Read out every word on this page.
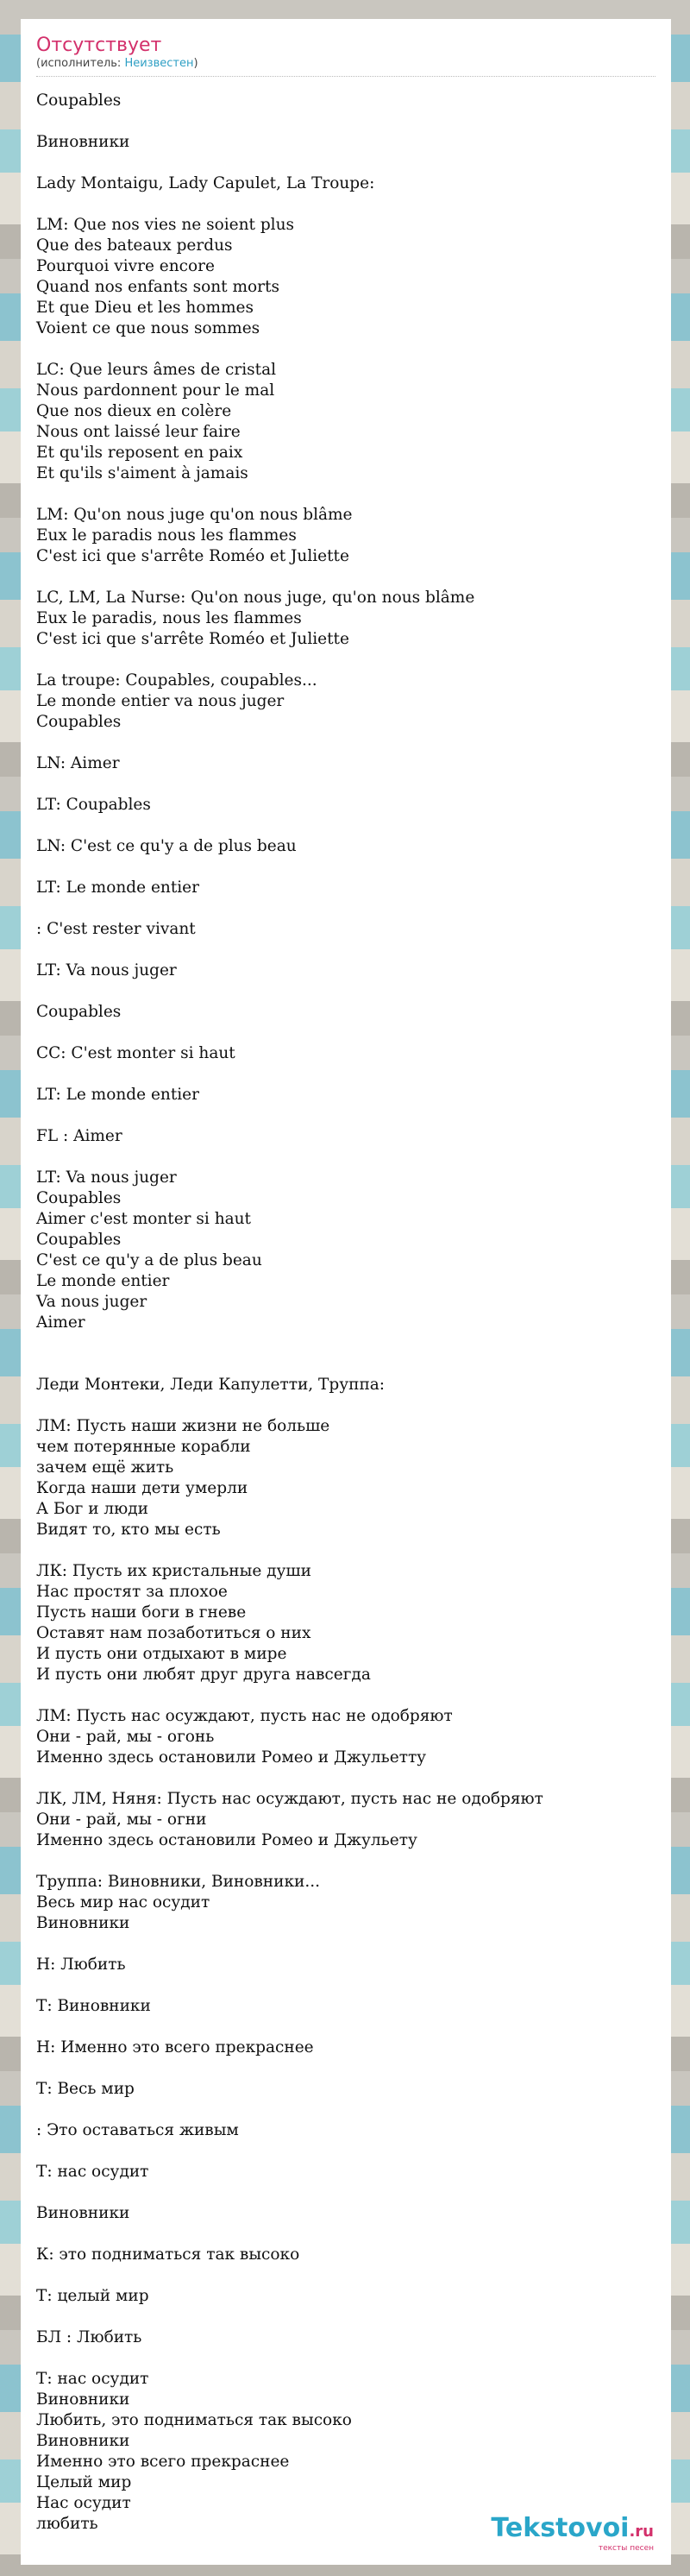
Отсутствует
(исполнитель: Неизвестен)
Coupables
Виновники
Lady Montaigu, Lady Capulet, La Troupe:
LM: Que nos vies ne soient plus
Que des bateaux perdus
Pourquoi vivre encore
Quand nos enfants sont morts
Et que Dieu et les hommes
Voient ce que nous sommes
LC: Que leurs âmes de cristal
Nous pardonnent pour le mal
Que nos dieux en colère
Nous ont laissé leur faire
Et qu'ils reposent en paix
Et qu'ils s'aiment à jamais
LM: Qu'on nous juge qu'on nous blâme
Eux le paradis nous les flammes
C'est ici que s'arrête Roméo et Juliette
LC, LM, La Nurse: Qu'on nous juge, qu'on nous blâme
Eux le paradis, nous les flammes
C'est ici que s'arrête Roméo et Juliette
La troupe: Coupables, coupables...
Le monde entier va nous juger
Coupables
LN: Aimer
LT: Coupables
LN: C'est ce qu'y a de plus beau
LT: Le monde entier
: C'est rester vivant
LT: Va nous juger
Coupables
CC: C'est monter si haut
LT: Le monde entier
FL : Aimer
LT: Va nous juger
Coupables
Aimer c'est monter si haut
Coupables
C'est ce qu'y a de plus beau
Le monde entier
Va nous juger
Aimer
Леди Монтеки, Леди Капулетти, Труппа:
ЛМ: Пусть наши жизни не больше
чем потерянные корабли
зачем ещё жить
Когда наши дети умерли
А Бог и люди
Видят то, кто мы есть
ЛК: Пусть их кристальные души
Нас простят за плохое
Пусть наши боги в гневе
Оставят нам позаботиться о них
И пусть они отдыхают в мире
И пусть они любят друг друга навсегда
ЛМ: Пусть нас осуждают, пусть нас не одобряют
Они - рай, мы - огонь
Именно здесь остановили Ромео и Джульетту
ЛК, ЛМ, Няня: Пусть нас осуждают, пусть нас не одобряют
Они - рай, мы - огни
Именно здесь остановили Ромео и Джульету
Труппа: Виновники, Виновники...
Весь мир нас осудит
Виновники
Н: Любить
Т: Виновники
Н: Именно это всего прекраснее
Т: Весь мир
: Это оставаться живым
Т: нас осудит
Виновники
К: это подниматься так высоко
Т: целый мир
БЛ : Любить
Т: нас осудит
Виновники
Любить, это подниматься так высоко
Виновники
Именно это всего прекраснее
Целый мир
Нас осудит
любить	Tekstovoi.ru
тексты песен
